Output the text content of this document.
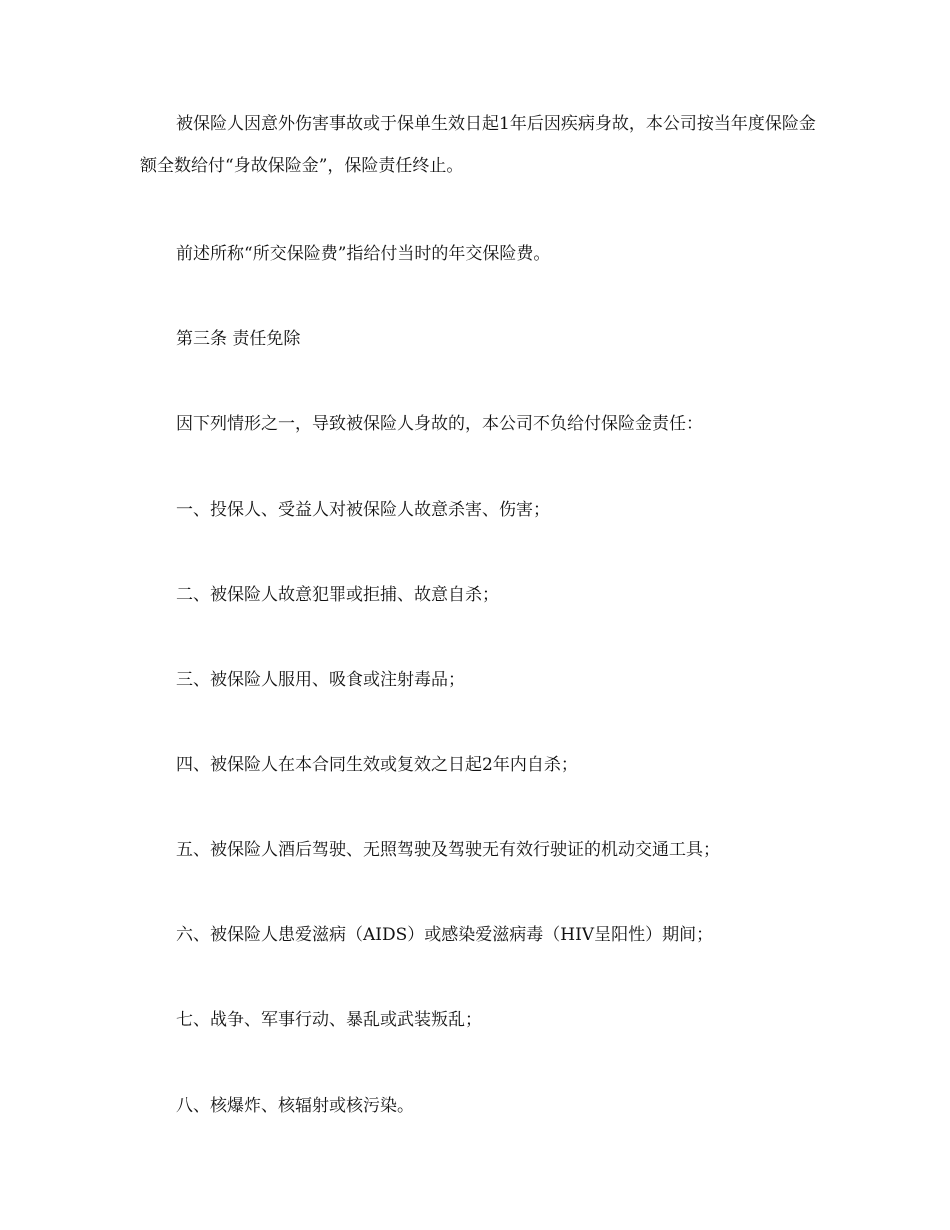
被保险人因意外伤害事故或于保单生效日起1年后因疾病身故，本公司按当年度保险金额全数给付“身故保险金”，保险责任终止。

前述所称“所交保险费”指给付当时的年交保险费。

第三条 责任免除

因下列情形之一，导致被保险人身故的，本公司不负给付保险金责任：

一、投保人、受益人对被保险人故意杀害、伤害；

二、被保险人故意犯罪或拒捕、故意自杀；

三、被保险人服用、吸食或注射毒品；

四、被保险人在本合同生效或复效之日起2年内自杀；

五、被保险人酒后驾驶、无照驾驶及驾驶无有效行驶证的机动交通工具；

六、被保险人患爱滋病（AIDS）或感染爱滋病毒（HIV呈阳性）期间；

七、战争、军事行动、暴乱或武装叛乱；

八、核爆炸、核辐射或核污染。
